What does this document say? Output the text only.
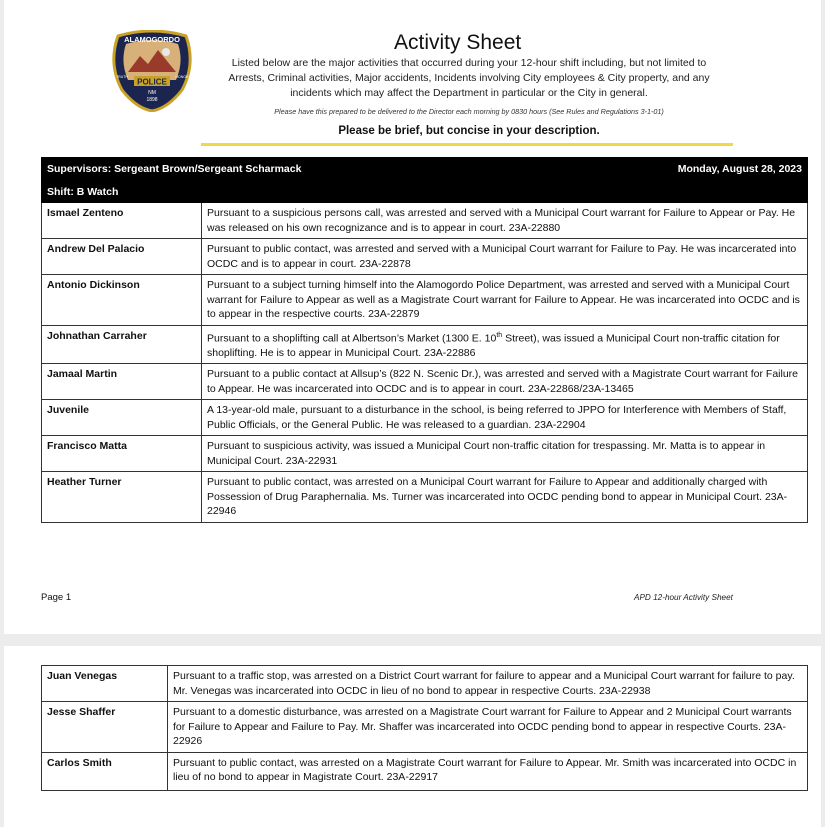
POLICE
ALAMOGORDO
NM
1898
TRUTH	HONOR
Activity Sheet
Listed below are the major activities that occurred during your 12-hour shift including, but not limited to Arrests, Criminal activities, Major accidents, Incidents involving City employees & City property, and any incidents which may affect the Department in particular or the City in general.
Please have this prepared to be delivered to the Director each morning by 0830 hours (See Rules and Regulations 3-1-01)
Please be brief, but concise in your description.
Supervisors: Sergeant Brown/Sergeant Scharmack		Monday, August 28, 2023
Shift: B Watch		
Ismael Zenteno	Pursuant to a suspicious persons call, was arrested and served with a Municipal Court warrant for Failure to Appear or Pay. He was released on his own recognizance and is to appear in court. 23A-22880	
Andrew Del Palacio	Pursuant to public contact, was arrested and served with a Municipal Court warrant for Failure to Pay. He was incarcerated into OCDC and is to appear in court. 23A-22878	
Antonio Dickinson	Pursuant to a subject turning himself into the Alamogordo Police Department, was arrested and served with a Municipal Court warrant for Failure to Appear as well as a Magistrate Court warrant for Failure to Appear. He was incarcerated into OCDC and is to appear in the respective courts. 23A-22879	
Johnathan Carraher	Pursuant to a shoplifting call at Albertson’s Market (1300 E. 10th Street), was issued a Municipal Court non-traffic citation for shoplifting. He is to appear in Municipal Court. 23A-22886	
Jamaal Martin	Pursuant to a public contact at Allsup’s (822 N. Scenic Dr.), was arrested and served with a Magistrate Court warrant for Failure to Appear. He was incarcerated into OCDC and is to appear in court. 23A-22868/23A-13465	
Juvenile	A 13-year-old male, pursuant to a disturbance in the school, is being referred to JPPO for Interference with Members of Staff, Public Officials, or the General Public. He was released to a guardian. 23A-22904	
Francisco Matta	Pursuant to suspicious activity, was issued a Municipal Court non-traffic citation for trespassing. Mr. Matta is to appear in Municipal Court. 23A-22931	
Heather Turner	Pursuant to public contact, was arrested on a Municipal Court warrant for Failure to Appear and additionally charged with Possession of Drug Paraphernalia. Ms. Turner was incarcerated into OCDC pending bond to appear in Municipal Court. 23A-22946	
Page 1	APD 12-hour Activity Sheet
Juan Venegas	Pursuant to a traffic stop, was arrested on a District Court warrant for failure to appear and a Municipal Court warrant for failure to pay. Mr. Venegas was incarcerated into OCDC in lieu of no bond to appear in respective Courts. 23A-22938
Jesse Shaffer	Pursuant to a domestic disturbance, was arrested on a Magistrate Court warrant for Failure to Appear and 2 Municipal Court warrants for Failure to Appear and Failure to Pay. Mr. Shaffer was incarcerated into OCDC pending bond to appear in respective Courts. 23A-22926
Carlos Smith	Pursuant to public contact, was arrested on a Magistrate Court warrant for Failure to Appear. Mr. Smith was incarcerated into OCDC in lieu of no bond to appear in Magistrate Court. 23A-22917
